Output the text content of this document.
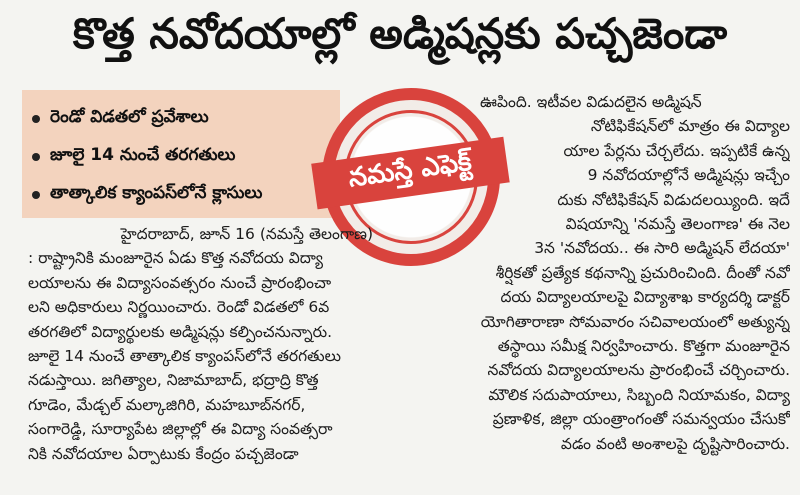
కొత్త నవోదయాల్లో అడ్మిషన్లకు పచ్చజెండా
రెండో విడతలో ప్రవేశాలు
జూలై 14 నుంచే తరగతులు
తాత్కాలిక క్యాంపస్‌లోనే క్లాసులు	నమస్తే ఎఫెక్ట్
హైదరాబాద్, జూన్ 16 (నమస్తే తెలంగాణ)
: రాష్ట్రానికి మంజూరైన ఏడు కొత్త నవోదయ విద్యా
లయాలను ఈ విద్యాసంవత్సరం నుంచే ప్రారంభించా
లని అధికారులు నిర్ణయించారు. రెండో విడతలో 6వ
తరగతిలో విద్యార్థులకు అడ్మిషన్లు కల్పించనున్నారు.
జూలై 14 నుంచే తాత్కాలిక క్యాంపస్‌లోనే తరగతులు
నడుస్తాయి. జగిత్యాల, నిజామాబాద్, భద్రాద్రి కొత్త
గూడెం, మేడ్చల్ మల్కాజిగిరి, మహబూబ్‌నగర్,
సంగారెడ్డి, సూర్యాపేట జిల్లాల్లో ఈ విద్యా సంవత్సరా
నికి నవోదయాల ఏర్పాటుకు కేంద్రం పచ్చజెండా
ఊపింది. ఇటీవల విడుదలైన అడ్మిషన్
నోటిఫికేషన్‌లో మాత్రం ఈ విద్యాల
యాల పేర్లను చేర్చలేదు. ఇప్పటికే ఉన్న
9 నవోదయాల్లోనే అడ్మిషన్లు ఇచ్చేం
దుకు నోటిఫికేషన్ విడుదలయ్యింది. ఇదే
విషయాన్ని 'నమస్తే తెలంగాణ' ఈ నెల
3న 'నవోదయ.. ఈ సారి అడ్మిషన్ లేదయా'
శీర్షికతో ప్రత్యేక కథనాన్ని ప్రచురించింది. దీంతో నవో
దయ విద్యాలయాలపై విద్యాశాఖ కార్యదర్శి డాక్టర్
యోగితారాణా సోమవారం సచివాలయంలో అత్యున్న
తస్థాయి సమీక్ష నిర్వహించారు. కొత్తగా మంజూరైన
నవోదయ విద్యాలయాలను ప్రారంభించే చర్చించారు.
మౌలిక సదుపాయాలు, సిబ్బంది నియామకం, విద్యా
ప్రణాళిక, జిల్లా యంత్రాంగంతో సమన్వయం చేసుకో
వడం వంటి అంశాలపై దృష్టిసారించారు.
